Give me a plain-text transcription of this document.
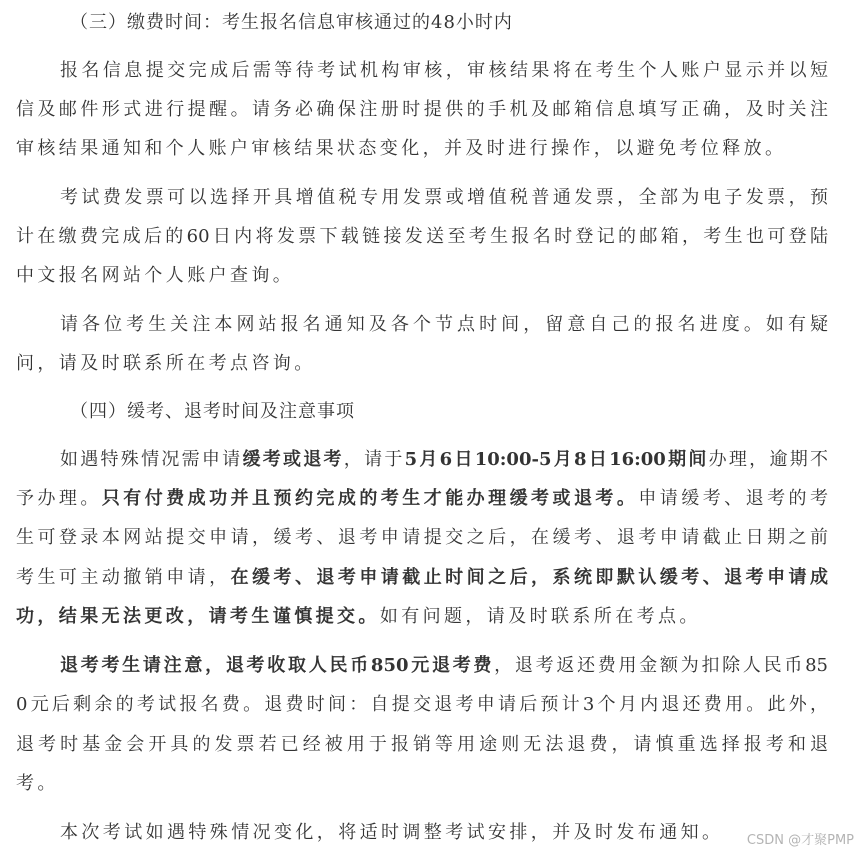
（三）缴费时间：考生报名信息审核通过的48小时内
报名信息提交完成后需等待考试机构审核，审核结果将在考生个人账户显示并以短
信及邮件形式进行提醒。请务必确保注册时提供的手机及邮箱信息填写正确，及时关注
审核结果通知和个人账户审核结果状态变化，并及时进行操作，以避免考位释放。
考试费发票可以选择开具增值税专用发票或增值税普通发票，全部为电子发票，预
计在缴费完成后的60日内将发票下载链接发送至考生报名时登记的邮箱，考生也可登陆
中文报名网站个人账户查询。
请各位考生关注本网站报名通知及各个节点时间，留意自己的报名进度。如有疑
问，请及时联系所在考点咨询。
（四）缓考、退考时间及注意事项
如遇特殊情况需申请缓考或退考，请于5月6日10:00-5月8日16:00期间办理，逾期不
予办理。只有付费成功并且预约完成的考生才能办理缓考或退考。申请缓考、退考的考
生可登录本网站提交申请，缓考、退考申请提交之后，在缓考、退考申请截止日期之前
考生可主动撤销申请，在缓考、退考申请截止时间之后，系统即默认缓考、退考申请成
功，结果无法更改，请考生谨慎提交。如有问题，请及时联系所在考点。
退考考生请注意，退考收取人民币850元退考费，退考返还费用金额为扣除人民币85
0元后剩余的考试报名费。退费时间：自提交退考申请后预计3个月内退还费用。此外，
退考时基金会开具的发票若已经被用于报销等用途则无法退费，请慎重选择报考和退
考。
本次考试如遇特殊情况变化，将适时调整考试安排，并及时发布通知。 CSDN @才聚PMP
